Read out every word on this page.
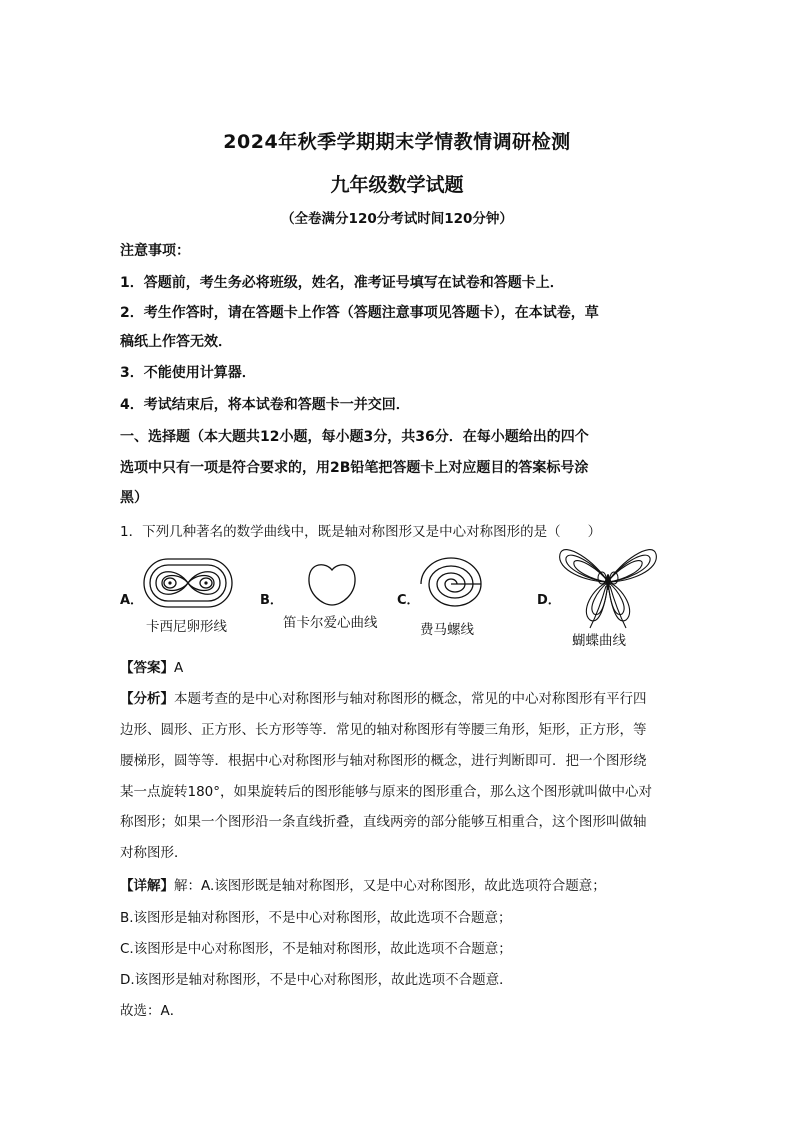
2024年秋季学期期末学情教情调研检测
九年级数学试题
（全卷满分120分考试时间120分钟）
注意事项：
1．答题前，考生务必将班级，姓名，准考证号填写在试卷和答题卡上．
2．考生作答时，请在答题卡上作答（答题注意事项见答题卡），在本试卷，草
稿纸上作答无效．
3．不能使用计算器．
4．考试结束后，将本试卷和答题卡一并交回．
一、选择题（本大题共12小题，每小题3分，共36分．在每小题给出的四个
选项中只有一项是符合要求的，用2B铅笔把答题卡上对应题目的答案标号涂
黑）
1．下列几种著名的数学曲线中，既是轴对称图形又是中心对称图形的是（　　）
A．
卡西尼卵形线
B．
笛卡尔爱心曲线
C．
费马螺线
D．
蝴蝶曲线
【答案】A
【分析】本题考查的是中心对称图形与轴对称图形的概念，常见的中心对称图形有平行四
边形、圆形、正方形、长方形等等．常见的轴对称图形有等腰三角形，矩形，正方形，等
腰梯形，圆等等．根据中心对称图形与轴对称图形的概念，进行判断即可．把一个图形绕
某一点旋转180°，如果旋转后的图形能够与原来的图形重合，那么这个图形就叫做中心对
称图形；如果一个图形沿一条直线折叠，直线两旁的部分能够互相重合，这个图形叫做轴
对称图形．
【详解】解：A.该图形既是轴对称图形，又是中心对称图形，故此选项符合题意；
B.该图形是轴对称图形，不是中心对称图形，故此选项不合题意；
C.该图形是中心对称图形，不是轴对称图形，故此选项不合题意；
D.该图形是轴对称图形，不是中心对称图形，故此选项不合题意．
故选：A．
